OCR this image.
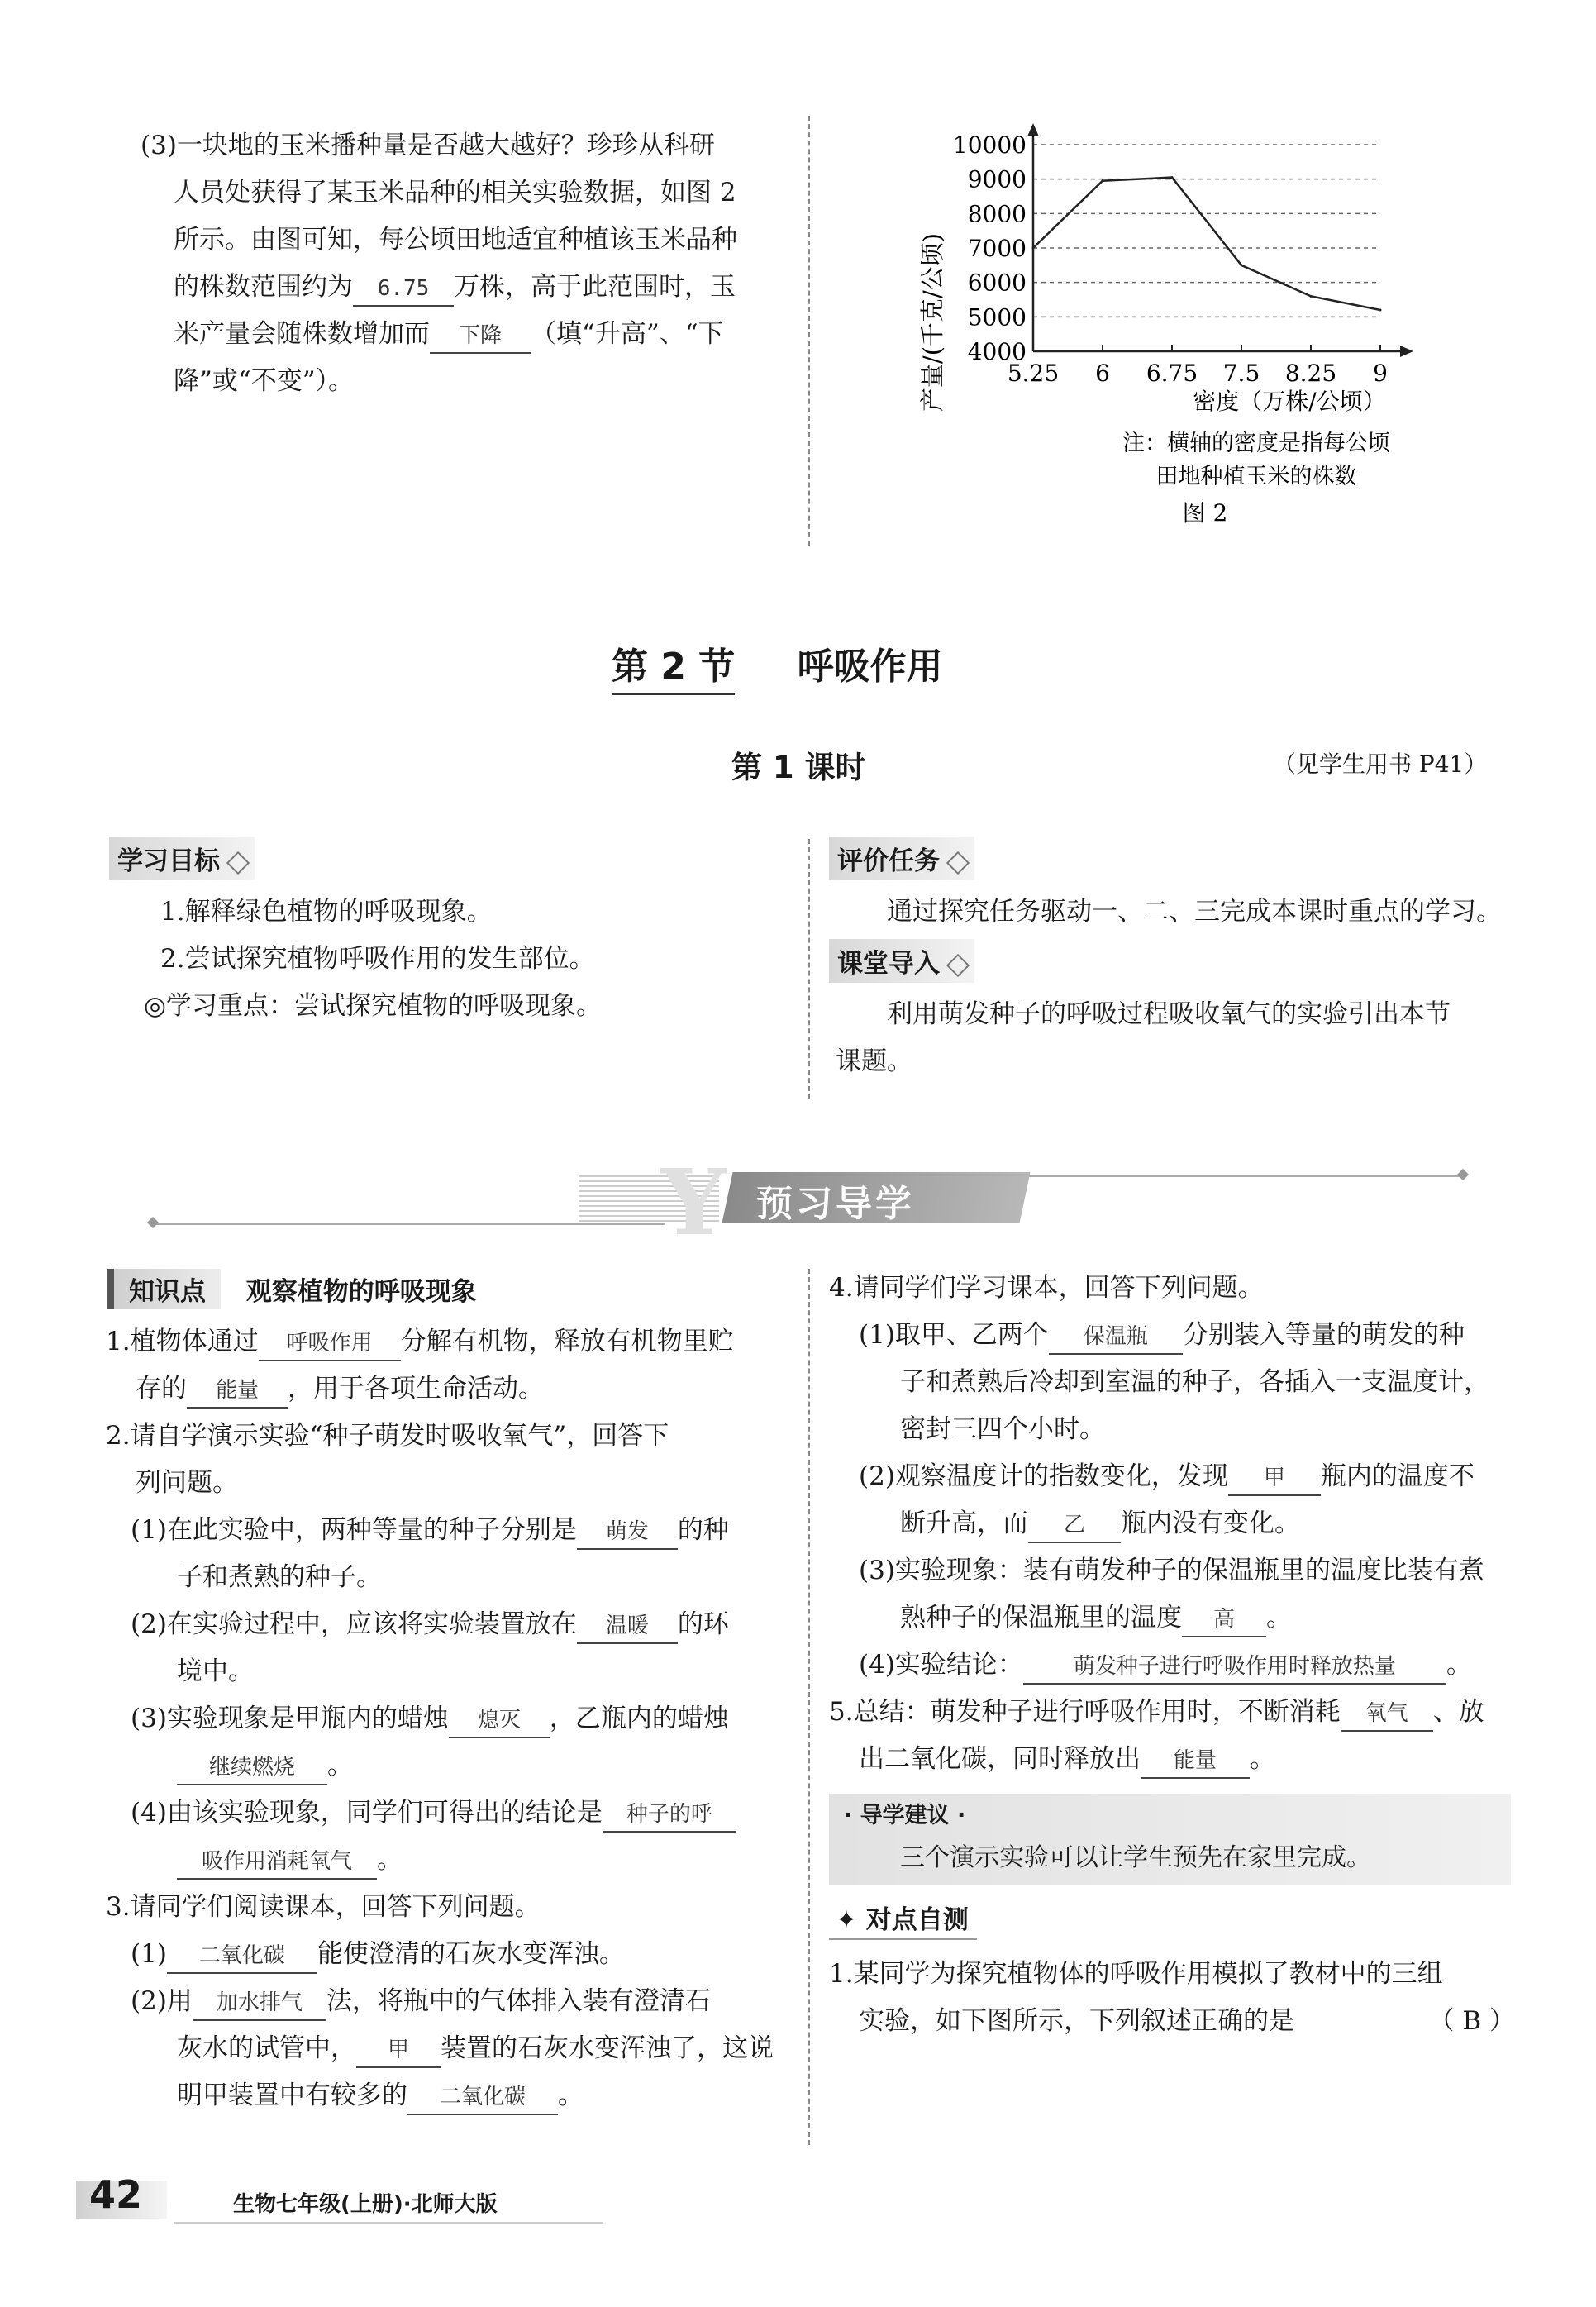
(3)一块地的玉米播种量是否越大越好？珍珍从科研

人员处获得了某玉米品种的相关实验数据，如图 2

所示。由图可知，每公顷田地适宜种植该玉米品种

的株数范围约为 6.75 万株，高于此范围时，玉

米产量会随株数增加而 下降 （填“升高”、“下

降”或“不变”）。

4000
5000
6000
7000
8000
9000
10000
5.25 6 6.75 7.5 8.25 9
产量/(千克/公顷)	密度（万株/公顷）
注：横轴的密度是指每公顷
田地种植玉米的株数
图 2
第 2 节 呼吸作用
第 1 课时	（见学生用书 P41）
学习目标

1.解释绿色植物的呼吸现象。

2.尝试探究植物呼吸作用的发生部位。

◎学习重点：尝试探究植物的呼吸现象。

评价任务

通过探究任务驱动一、二、三完成本课时重点的学习。

课堂导入

利用萌发种子的呼吸过程吸收氧气的实验引出本节

课题。

Y 预习导学
知识点 观察植物的呼吸现象

1.植物体通过 呼吸作用 分解有机物，释放有机物里贮

存的 能量 ，用于各项生命活动。

2.请自学演示实验“种子萌发时吸收氧气”，回答下

列问题。

(1)在此实验中，两种等量的种子分别是 萌发 的种

子和煮熟的种子。

(2)在实验过程中，应该将实验装置放在 温暖 的环

境中。

(3)实验现象是甲瓶内的蜡烛 熄灭 ，乙瓶内的蜡烛

继续燃烧 。

(4)由该实验现象，同学们可得出的结论是 种子的呼

吸作用消耗氧气 。

3.请同学们阅读课本，回答下列问题。

(1) 二氧化碳 能使澄清的石灰水变浑浊。

(2)用 加水排气 法，将瓶中的气体排入装有澄清石

灰水的试管中， 甲 装置的石灰水变浑浊了，这说

明甲装置中有较多的 二氧化碳 。

4.请同学们学习课本，回答下列问题。

(1)取甲、乙两个 保温瓶 分别装入等量的萌发的种

子和煮熟后冷却到室温的种子，各插入一支温度计，

密封三四个小时。

(2)观察温度计的指数变化，发现 甲 瓶内的温度不

断升高，而 乙 瓶内没有变化。

(3)实验现象：装有萌发种子的保温瓶里的温度比装有煮

熟种子的保温瓶里的温度 高 。

(4)实验结论： 萌发种子进行呼吸作用时释放热量 。

5.总结：萌发种子进行呼吸作用时，不断消耗 氧气 、放

出二氧化碳，同时释放出 能量 。

· 导学建议 ·
三个演示实验可以让学生预先在家里完成。
✦ 对点自测

1.某同学为探究植物体的呼吸作用模拟了教材中的三组

实验，如下图所示，下列叙述正确的是	（ B ）

42	生物七年级(上册)·北师大版
